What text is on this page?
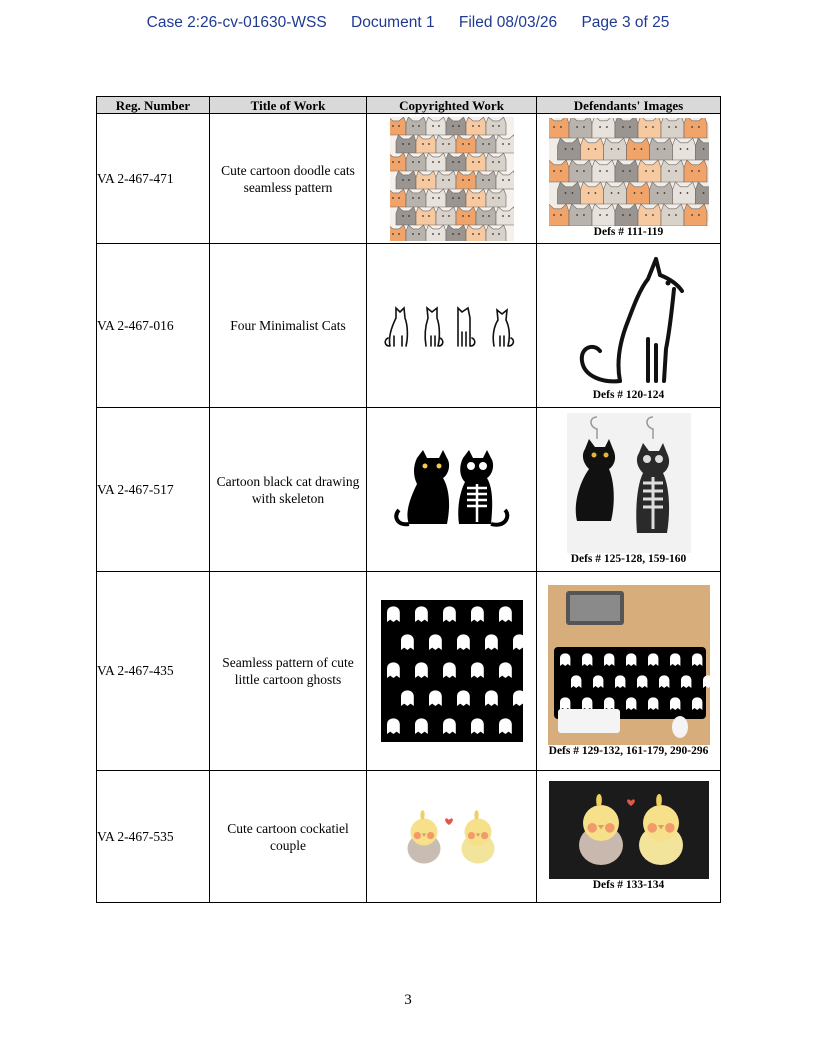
Case 2:26-cv-01630-WSS Document 1 Filed 08/03/26 Page 3 of 25
Reg. Number	Title of Work	Copyrighted Work	Defendants' Images
VA 2-467-471	Cute cartoon doodle cats seamless pattern		Defs # 111-119

VA 2-467-016	Four Minimalist Cats		Defs # 120-124

VA 2-467-517	Cartoon black cat drawing with skeleton		Defs # 125-128, 159-160

VA 2-467-435	Seamless pattern of cute little cartoon ghosts		Defs # 129-132, 161-179, 290-296

VA 2-467-535	Cute cartoon cockatiel couple		Defs # 133-134
3
